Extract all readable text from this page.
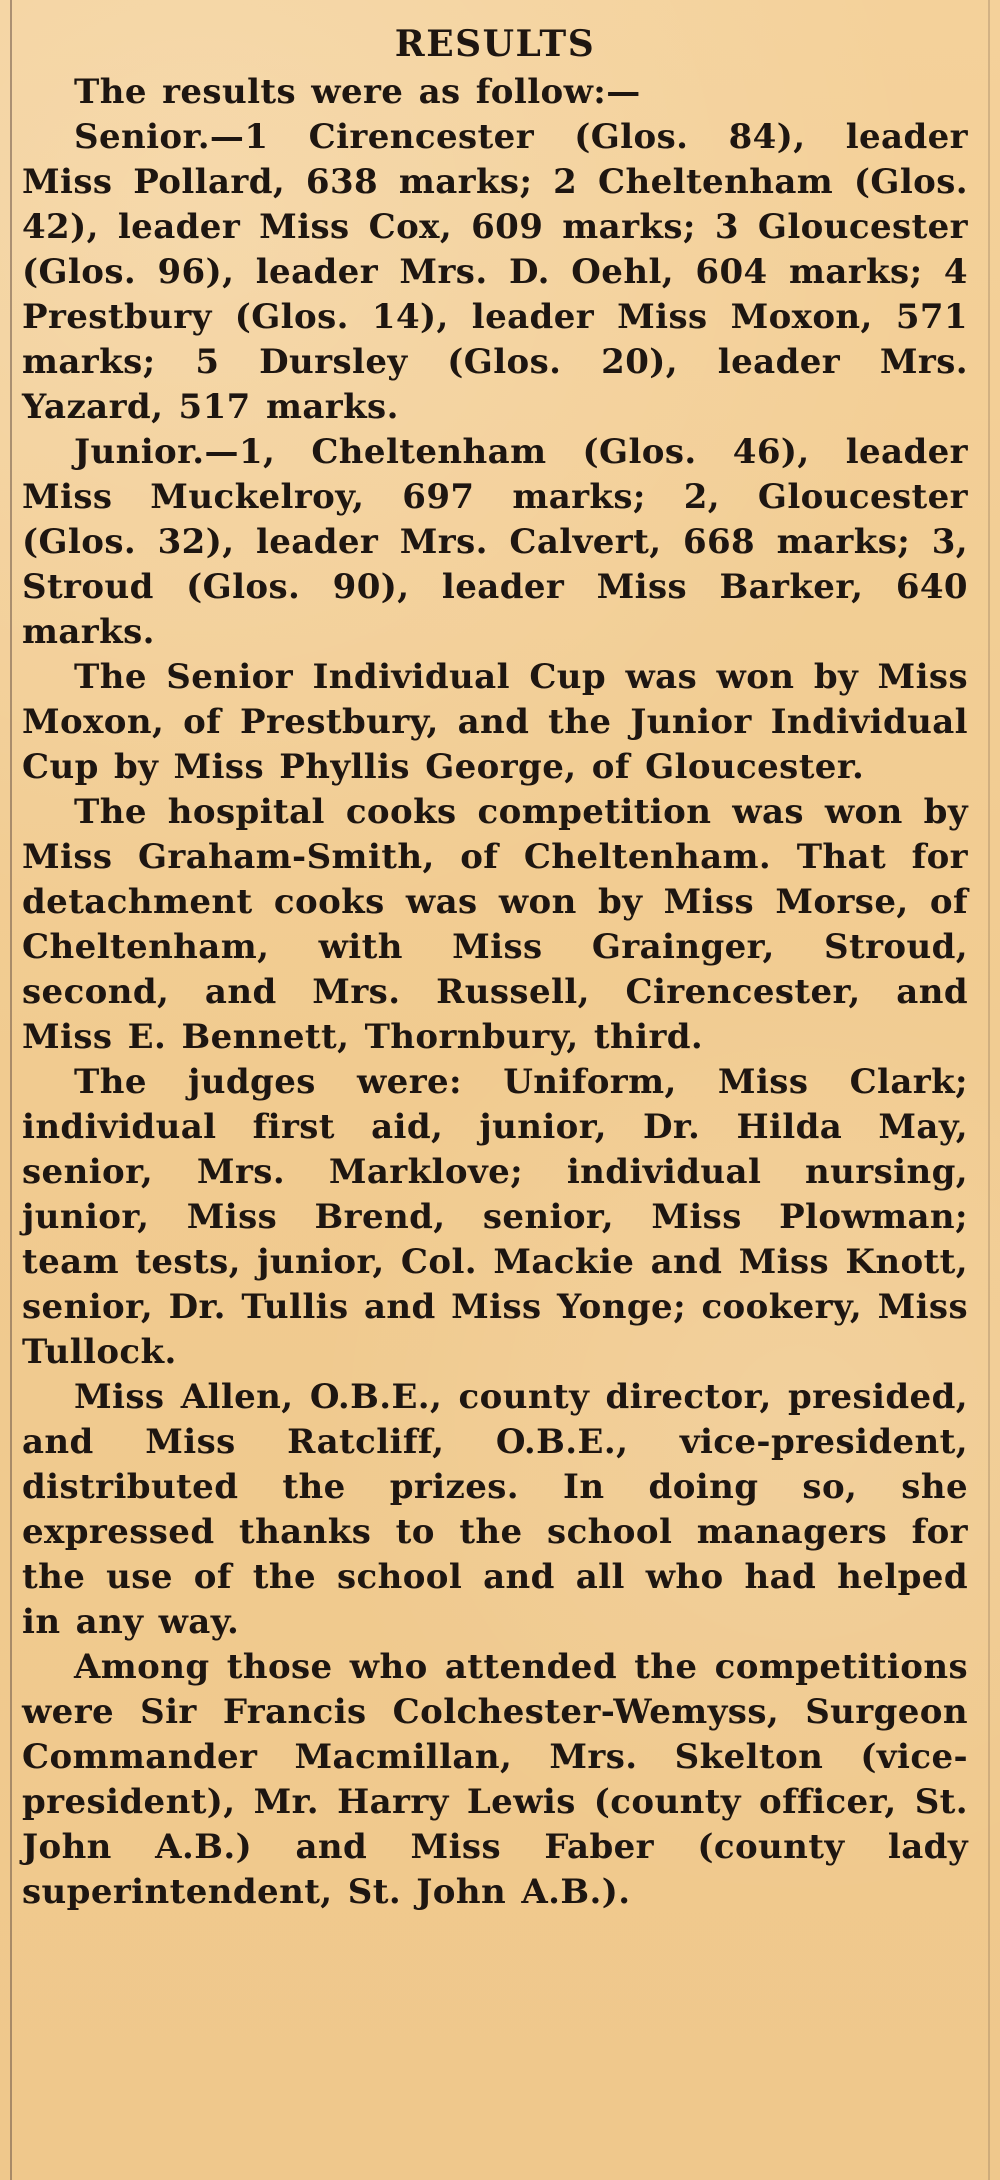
RESULTS

The results were as follow:—

Senior.—1 Cirencester (Glos. 84), leader Miss Pollard, 638 marks; 2 Cheltenham (Glos. 42), leader Miss Cox, 609 marks; 3 Gloucester (Glos. 96), leader Mrs. D. Oehl, 604 marks; 4 Prestbury (Glos. 14), leader Miss Moxon, 571 marks; 5 Dursley (Glos. 20), leader Mrs. Yazard, 517 marks.

Junior.—1, Cheltenham (Glos. 46), leader Miss Muckelroy, 697 marks; 2, Gloucester (Glos. 32), leader Mrs. Calvert, 668 marks; 3, Stroud (Glos. 90), leader Miss Barker, 640 marks.

The Senior Individual Cup was won by Miss Moxon, of Prestbury, and the Junior Individual Cup by Miss Phyllis George, of Gloucester.

The hospital cooks competition was won by Miss Graham-Smith, of Cheltenham. That for detachment cooks was won by Miss Morse, of Cheltenham, with Miss Grainger, Stroud, second, and Mrs. Russell, Cirencester, and Miss E. Bennett, Thornbury, third.

The judges were: Uniform, Miss Clark; individual first aid, junior, Dr. Hilda May, senior, Mrs. Marklove; individual nursing, junior, Miss Brend, senior, Miss Plowman; team tests, junior, Col. Mackie and Miss Knott, senior, Dr. Tullis and Miss Yonge; cookery, Miss Tullock.

Miss Allen, O.B.E., county director, presided, and Miss Ratcliff, O.B.E., vice-president, distributed the prizes. In doing so, she expressed thanks to the school managers for the use of the school and all who had helped in any way.

Among those who attended the competitions were Sir Francis Colchester-Wemyss, Surgeon Commander Macmillan, Mrs. Skelton (vice-president), Mr. Harry Lewis (county officer, St. John A.B.) and Miss Faber (county lady superintendent, St. John A.B.).
